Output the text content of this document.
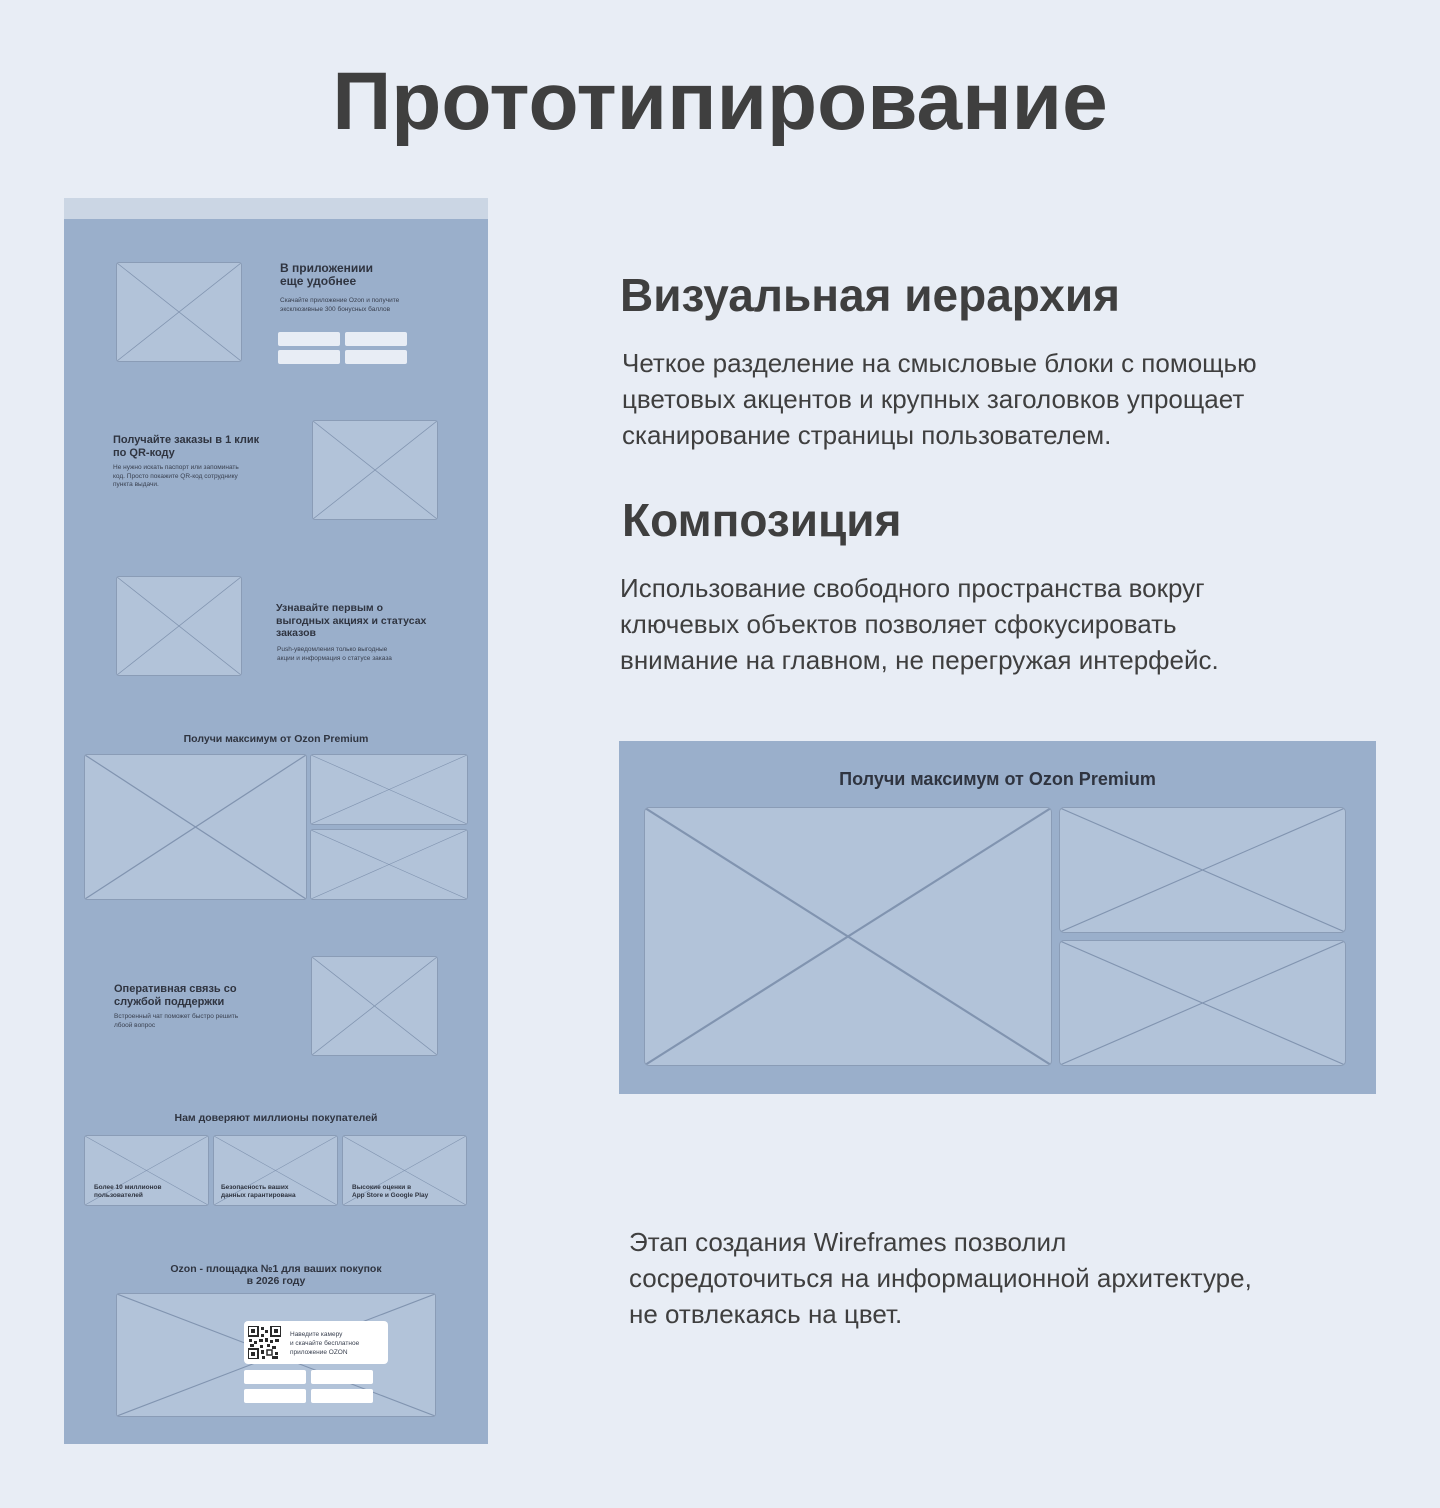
Прототипирование
В приложениии
еще удобнее
Скачайте приложение Ozon и получите
эксклюзивные 300 бонусных баллов
Получайте заказы в 1 клик
по QR-коду
Не нужно искать паспорт или запоминать
код. Просто покажите QR-код сотруднику
пункта выдачи.
Узнавайте первым о
выгодных акциях и статусах
заказов
Push-уведомления только выгодные
акции и информация о статусе заказа
Получи максимум от Ozon Premium
Оперативная связь со
службой поддержки
Встроенный чат поможет быстро решить
лбоой вопрос
Нам доверяют миллионы покупателей
Более 10 миллионов
пользователей
Безопасность ваших
данных гарантирована
Высокие оценки в
App Store и Google Play
Ozon - площадка №1 для ваших покупок
в 2026 году
Наведите камеру
и скачайте бесплатное
приложение OZON
Визуальная иерархия
Четкое разделение на смысловые блоки с помощью
цветовых акцентов и крупных заголовков упрощает
сканирование страницы пользователем.
Композиция
Использование свободного пространства вокруг
ключевых объектов позволяет сфокусировать
внимание на главном, не перегружая интерфейс.
Получи максимум от Ozon Premium
Этап создания Wireframes позволил
сосредоточиться на информационной архитектуре,
не отвлекаясь на цвет.
